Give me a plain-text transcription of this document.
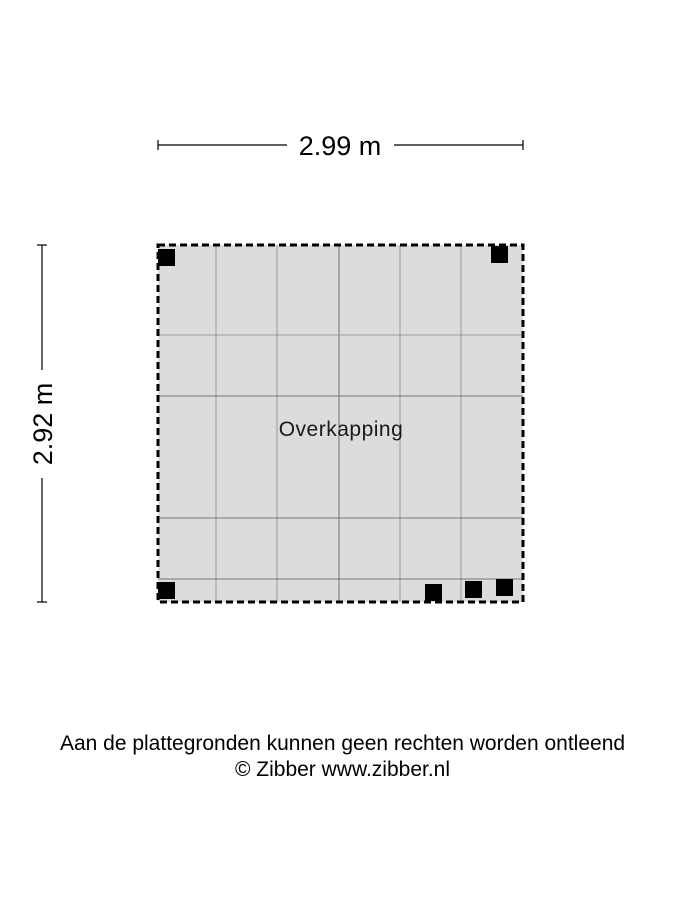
2.99 m
2.92 m	Overkapping
Aan de plattegronden kunnen geen rechten worden ontleend
© Zibber www.zibber.nl
